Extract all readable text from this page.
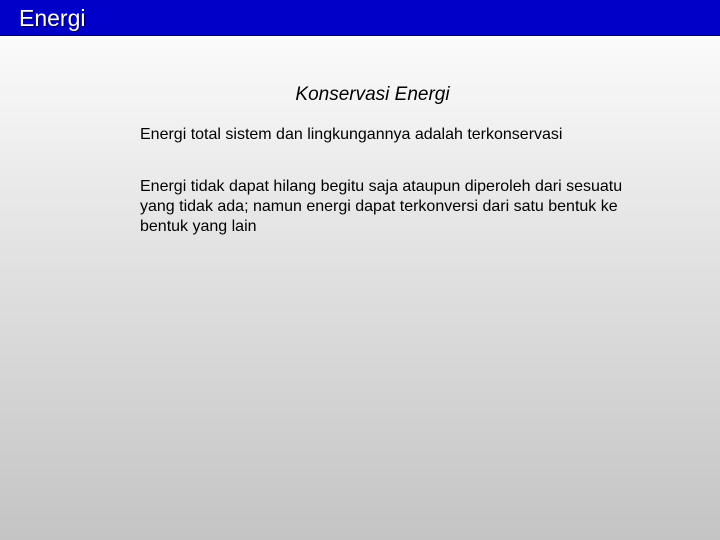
Energi
Konservasi Energi

Energi total sistem dan lingkungannya adalah terkonservasi

Energi tidak dapat hilang begitu saja ataupun diperoleh dari sesuatu yang tidak ada; namun energi dapat terkonversi dari satu bentuk ke bentuk yang lain
